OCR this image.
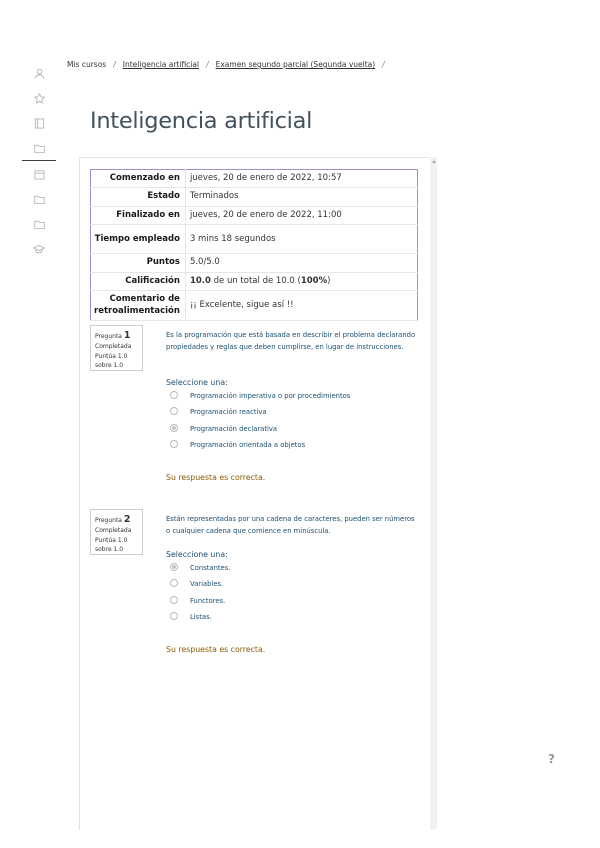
Mis cursos / Inteligencia artificial / Examen segundo parcial (Segunda vuelta) /
Inteligencia artificial
Comenzado en	jueves, 20 de enero de 2022, 10:57
Estado	Terminados
Finalizado en	jueves, 20 de enero de 2022, 11:00
Tiempo empleado	3 mins 18 segundos
Puntos	5.0/5.0
Calificación	10.0 de un total de 10.0 (100%)
Comentario de retroalimentación	¡¡ Excelente, sigue así !!
Pregunta 1
Completada
Puntúa 1.0
sobre 1.0
Es la programación que está basada en describir el problema declarando propiedades y reglas que deben cumplirse, en lugar de instrucciones.
Seleccione una:
Programación imperativa o por procedimientos
Programación reactiva
Programación declarativa
Programación orientada a objetos
Su respuesta es correcta.
Pregunta 2
Completada
Puntúa 1.0
sobre 1.0
Están representadas por una cadena de caracteres, pueden ser números o cualquier cadena que comience en minúscula.
Seleccione una:
Constantes.
Variables.
Functores.
Listas.
Su respuesta es correcta.
?
